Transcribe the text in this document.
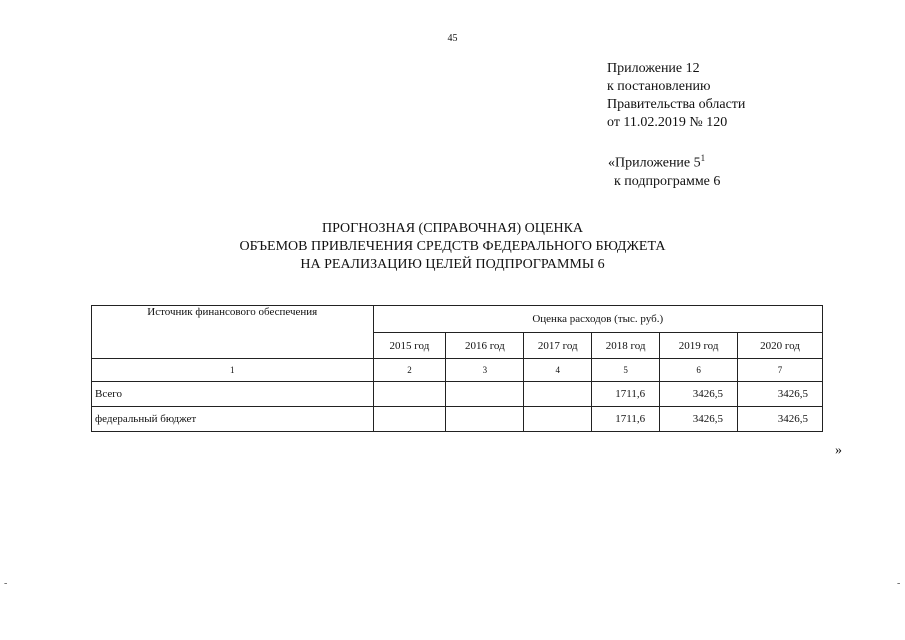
45
Приложение 12
к постановлению
Правительства области
от 11.02.2019 № 120
«Приложение $5^1$
к подпрограмме 6
ПРОГНОЗНАЯ (СПРАВОЧНАЯ) ОЦЕНКА
ОБЪЕМОВ ПРИВЛЕЧЕНИЯ СРЕДСТВ ФЕДЕРАЛЬНОГО БЮДЖЕТА
НА РЕАЛИЗАЦИЮ ЦЕЛЕЙ ПОДПРОГРАММЫ 6
Источник финансового обеспечения	Оценка расходов (тыс. руб.)					
	2015 год	2016 год	2017 год	2018 год	2019 год	2020 год
1	2	3	4	5	6	7
Всего				1711,6	3426,5	3426,5
федеральный бюджет				1711,6	3426,5	3426,5
»
-	-
